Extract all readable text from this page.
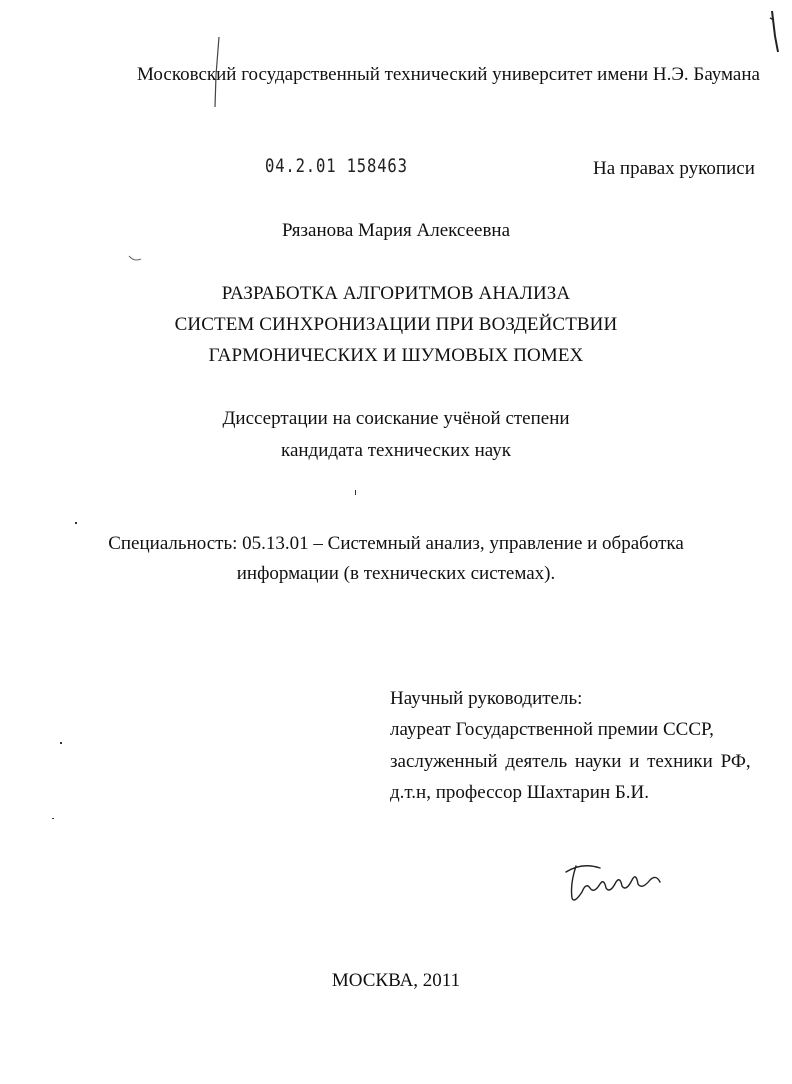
Московский государственный технический университет имени Н.Э. Баумана
04.2.01 158463	На правах рукописи
Рязанова Мария Алексеевна
РАЗРАБОТКА АЛГОРИТМОВ АНАЛИЗА
СИСТЕМ СИНХРОНИЗАЦИИ ПРИ ВОЗДЕЙСТВИИ
ГАРМОНИЧЕСКИХ И ШУМОВЫХ ПОМЕХ
Диссертации на соискание учёной степени
кандидата технических наук
Специальность: 05.13.01 – Системный анализ, управление и обработка
информации (в технических системах).
Научный руководитель:
лауреат Государственной премии СССР,
заслуженный деятель науки и техники РФ,
д.т.н, профессор Шахтарин Б.И.
МОСКВА, 2011
